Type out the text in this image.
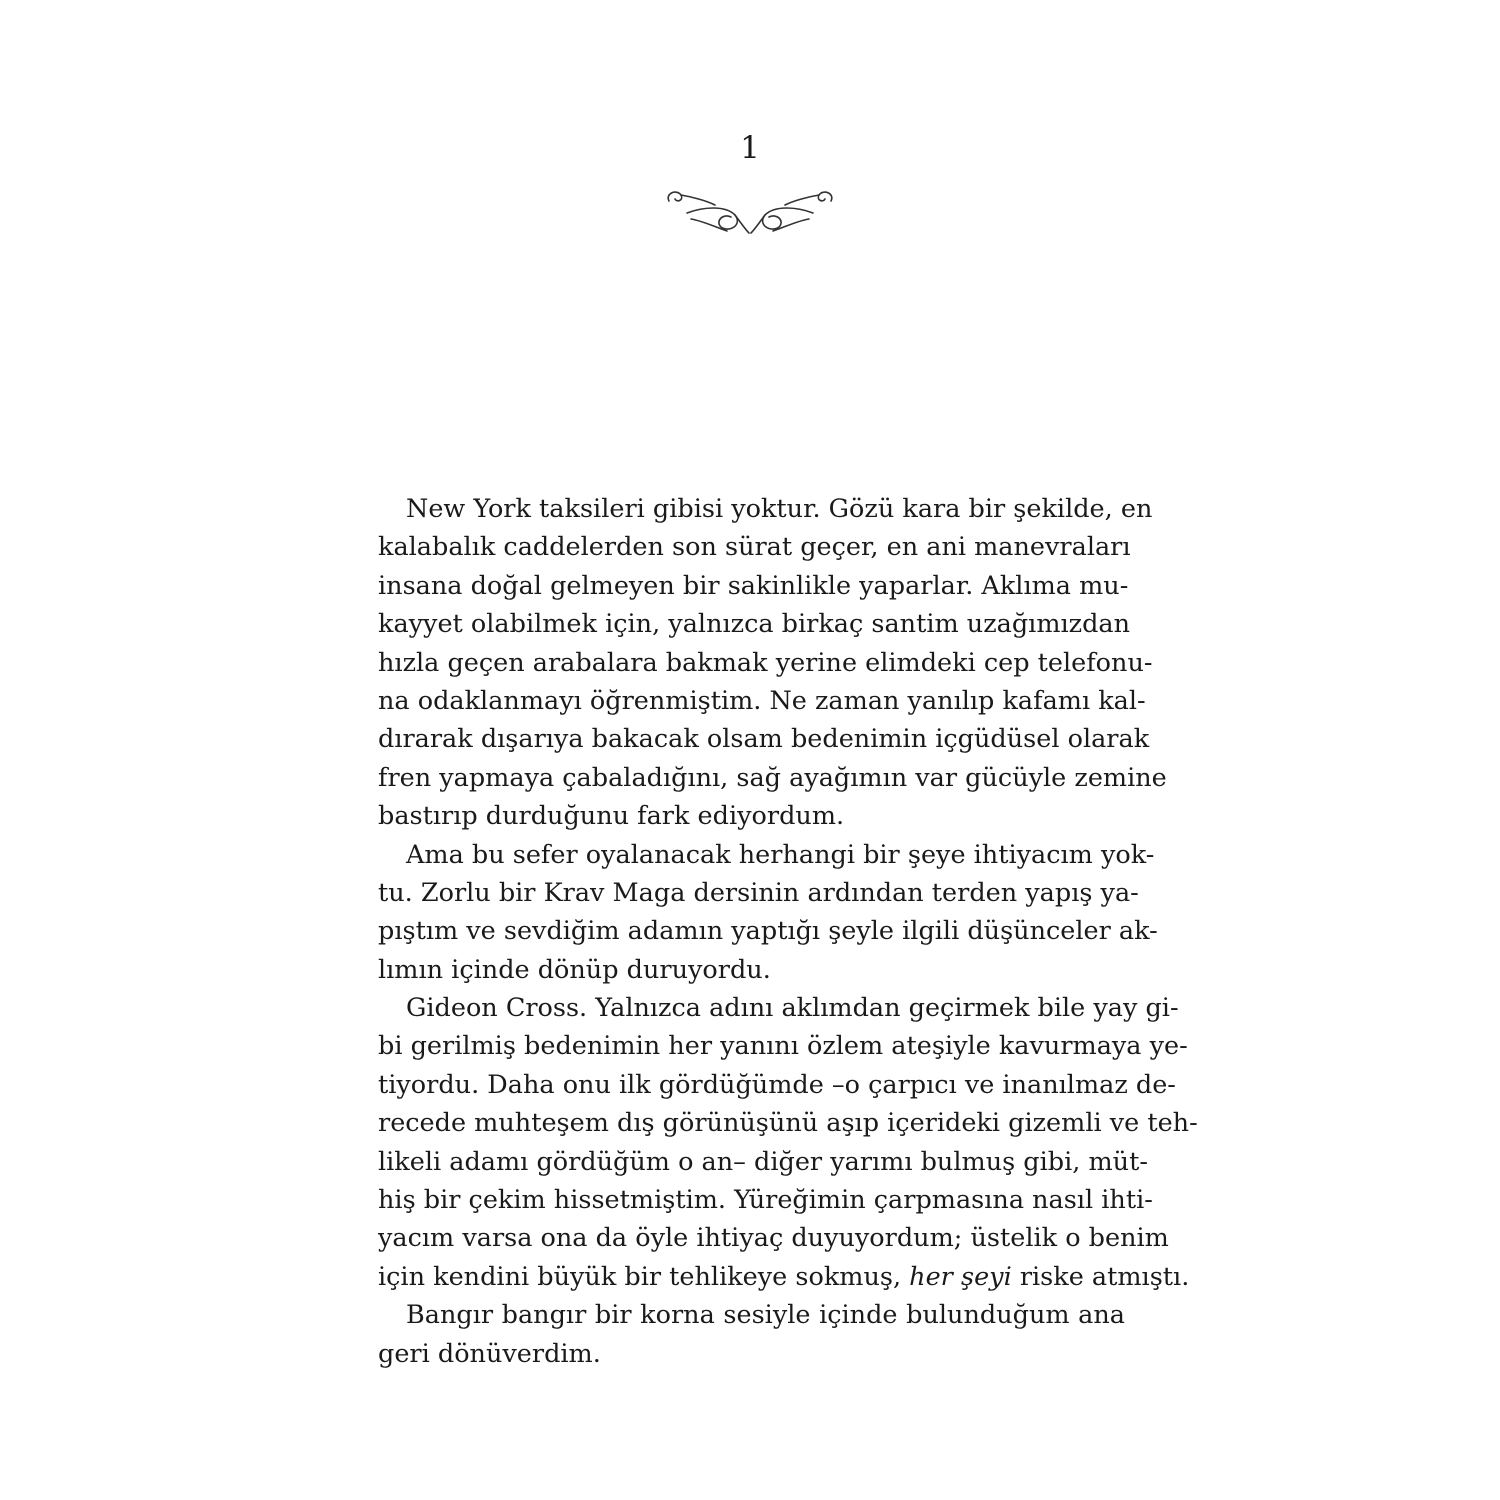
1
New York taksileri gibisi yoktur. Gözü kara bir şekilde, en
kalabalık caddelerden son sürat geçer, en ani manevraları
insana doğal gelmeyen bir sakinlikle yaparlar. Aklıma mu-
kayyet olabilmek için, yalnızca birkaç santim uzağımızdan
hızla geçen arabalara bakmak yerine elimdeki cep telefonu-
na odaklanmayı öğrenmiştim. Ne zaman yanılıp kafamı kal-
dırarak dışarıya bakacak olsam bedenimin içgüdüsel olarak
fren yapmaya çabaladığını, sağ ayağımın var gücüyle zemine
bastırıp durduğunu fark ediyordum.
Ama bu sefer oyalanacak herhangi bir şeye ihtiyacım yok-
tu. Zorlu bir Krav Maga dersinin ardından terden yapış ya-
pıştım ve sevdiğim adamın yaptığı şeyle ilgili düşünceler ak-
lımın içinde dönüp duruyordu.
Gideon Cross. Yalnızca adını aklımdan geçirmek bile yay gi-
bi gerilmiş bedenimin her yanını özlem ateşiyle kavurmaya ye-
tiyordu. Daha onu ilk gördüğümde –o çarpıcı ve inanılmaz de-
recede muhteşem dış görünüşünü aşıp içerideki gizemli ve teh-
likeli adamı gördüğüm o an– diğer yarımı bulmuş gibi, müt-
hiş bir çekim hissetmiştim. Yüreğimin çarpmasına nasıl ihti-
yacım varsa ona da öyle ihtiyaç duyuyordum; üstelik o benim
için kendini büyük bir tehlikeye sokmuş, her şeyi riske atmıştı.
Bangır bangır bir korna sesiyle içinde bulunduğum ana
geri dönüverdim.
